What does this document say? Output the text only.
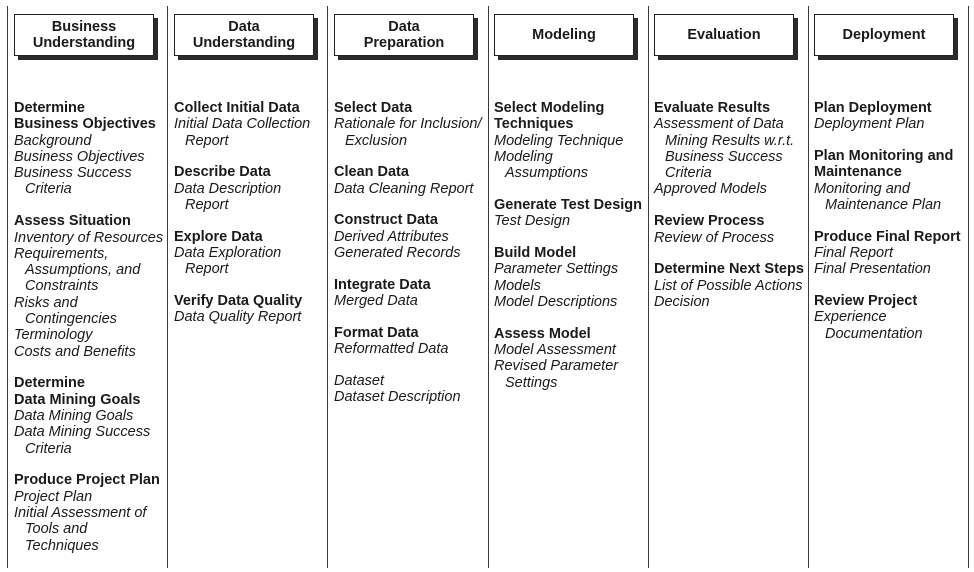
Business
Understanding
Determine
Business Objectives
Background
Business Objectives
Business Success
Criteria
Assess Situation
Inventory of Resources
Requirements,
Assumptions, and
Constraints
Risks and
Contingencies
Terminology
Costs and Benefits
Determine
Data Mining Goals
Data Mining Goals
Data Mining Success
Criteria
Produce Project Plan
Project Plan
Initial Assessment of
Tools and
Techniques
Data
Understanding
Collect Initial Data
Initial Data Collection
Report
Describe Data
Data Description
Report
Explore Data
Data Exploration
Report
Verify Data Quality
Data Quality Report
Data
Preparation
Select Data
Rationale for Inclusion/
Exclusion
Clean Data
Data Cleaning Report
Construct Data
Derived Attributes
Generated Records
Integrate Data
Merged Data
Format Data
Reformatted Data
Dataset
Dataset Description
Modeling
Select Modeling
Techniques
Modeling Technique
Modeling
Assumptions
Generate Test Design
Test Design
Build Model
Parameter Settings
Models
Model Descriptions
Assess Model
Model Assessment
Revised Parameter
Settings
Evaluation
Evaluate Results
Assessment of Data
Mining Results w.r.t.
Business Success
Criteria
Approved Models
Review Process
Review of Process
Determine Next Steps
List of Possible Actions
Decision
Deployment
Plan Deployment
Deployment Plan
Plan Monitoring and
Maintenance
Monitoring and
Maintenance Plan
Produce Final Report
Final Report
Final Presentation
Review Project
Experience
Documentation
